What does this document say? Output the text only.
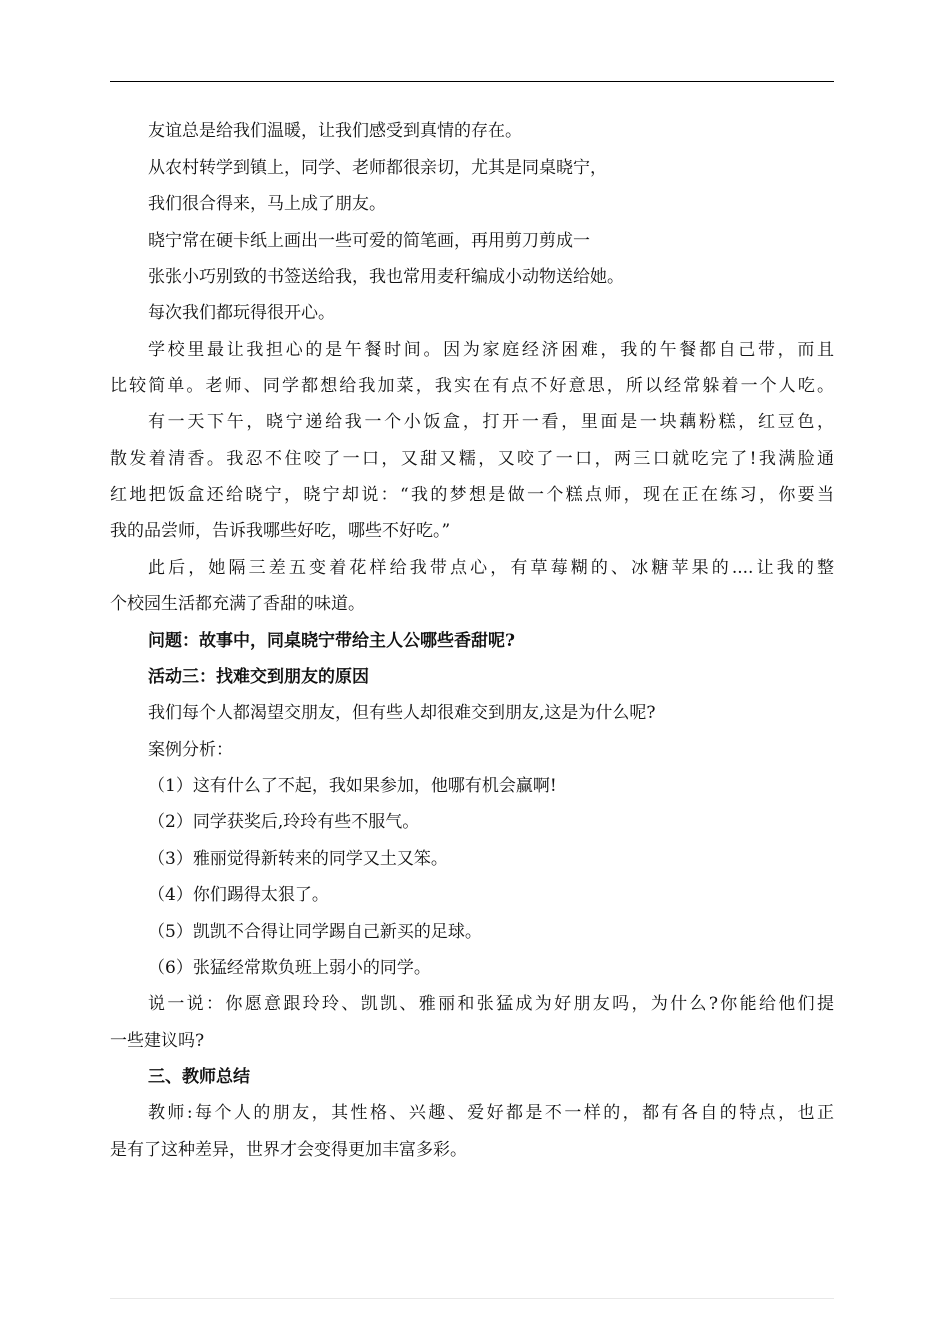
友谊总是给我们温暖，让我们感受到真情的存在。
从农村转学到镇上，同学、老师都很亲切，尤其是同桌晓宁，
我们很合得来，马上成了朋友。
晓宁常在硬卡纸上画出一些可爱的简笔画，再用剪刀剪成一
张张小巧别致的书签送给我，我也常用麦秆编成小动物送给她。
每次我们都玩得很开心。
学校里最让我担心的是午餐时间。因为家庭经济困难，我的午餐都自己带，而且
比较简单。老师、同学都想给我加菜，我实在有点不好意思，所以经常躲着一个人吃。
有一天下午，晓宁递给我一个小饭盒，打开一看，里面是一块藕粉糕，红豆色，
散发着清香。我忍不住咬了一口，又甜又糯，又咬了一口，两三口就吃完了!我满脸通
红地把饭盒还给晓宁，晓宁却说：“我的梦想是做一个糕点师，现在正在练习，你要当
我的品尝师，告诉我哪些好吃，哪些不好吃。”
此后，她隔三差五变着花样给我带点心，有草莓糊的、冰糖苹果的....让我的整
个校园生活都充满了香甜的味道。
问题：故事中，同桌晓宁带给主人公哪些香甜呢?
活动三：找难交到朋友的原因
我们每个人都渴望交朋友，但有些人却很难交到朋友,这是为什么呢?
案例分析：
（1）这有什么了不起，我如果参加，他哪有机会赢啊!
（2）同学获奖后,玲玲有些不服气。
（3）雅丽觉得新转来的同学又土又笨。
（4）你们踢得太狠了。
（5）凯凯不合得让同学踢自己新买的足球。
（6）张猛经常欺负班上弱小的同学。
说一说：你愿意跟玲玲、凯凯、雅丽和张猛成为好朋友吗，为什么?你能给他们提
一些建议吗?
三、教师总结
教师:每个人的朋友，其性格、兴趣、爱好都是不一样的，都有各自的特点，也正
是有了这种差异，世界才会变得更加丰富多彩。
